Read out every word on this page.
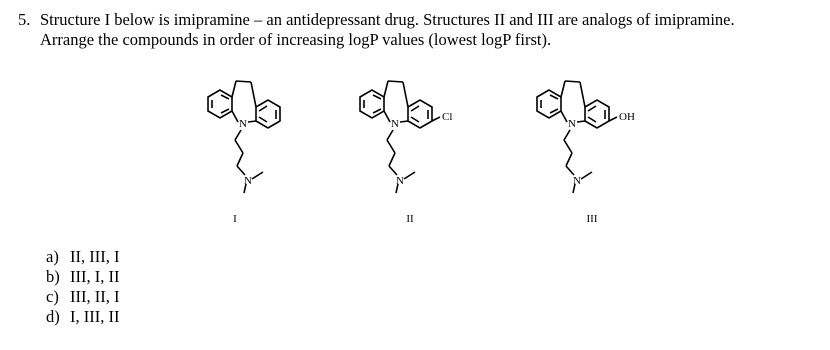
5. Structure I below is imipramine – an antidepressant drug. Structures II and III are analogs of imipramine.
Arrange the compounds in order of increasing logP values (lowest logP first).
N
N
I
Cl
N
N
II
OH
N
N
III
a) II, III, I
b) III, I, II
c) III, II, I
d) I, III, II
